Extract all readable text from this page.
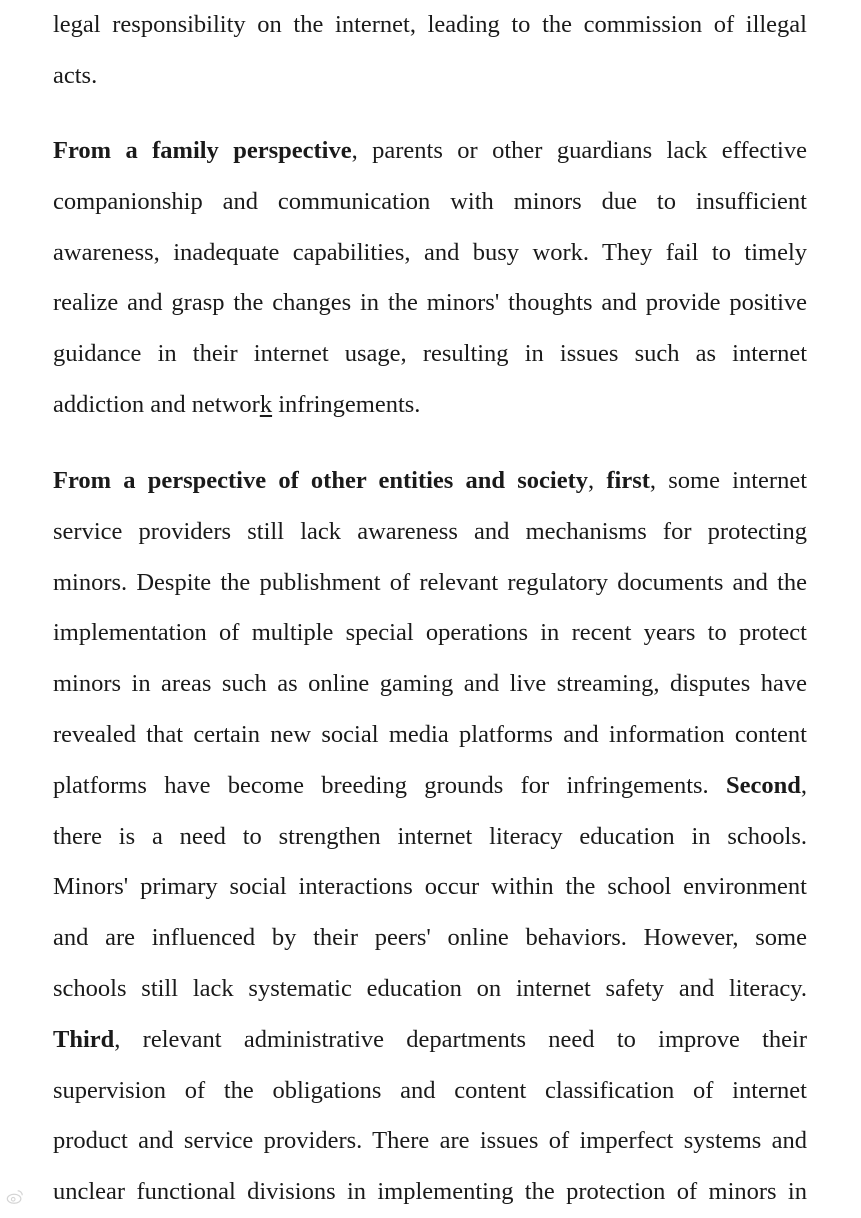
legal responsibility on the internet, leading to the commission of illegal
acts.
From a family perspective, parents or other guardians lack effective
companionship and communication with minors due to insufficient
awareness, inadequate capabilities, and busy work. They fail to timely
realize and grasp the changes in the minors' thoughts and provide positive
guidance in their internet usage, resulting in issues such as internet
addiction and network infringements.
From a perspective of other entities and society, first, some internet
service providers still lack awareness and mechanisms for protecting
minors. Despite the publishment of relevant regulatory documents and the
implementation of multiple special operations in recent years to protect
minors in areas such as online gaming and live streaming, disputes have
revealed that certain new social media platforms and information content
platforms have become breeding grounds for infringements. Second,
there is a need to strengthen internet literacy education in schools.
Minors' primary social interactions occur within the school environment
and are influenced by their peers' online behaviors. However, some
schools still lack systematic education on internet safety and literacy.
Third, relevant administrative departments need to improve their
supervision of the obligations and content classification of internet
product and service providers. There are issues of imperfect systems and
unclear functional divisions in implementing the protection of minors in
